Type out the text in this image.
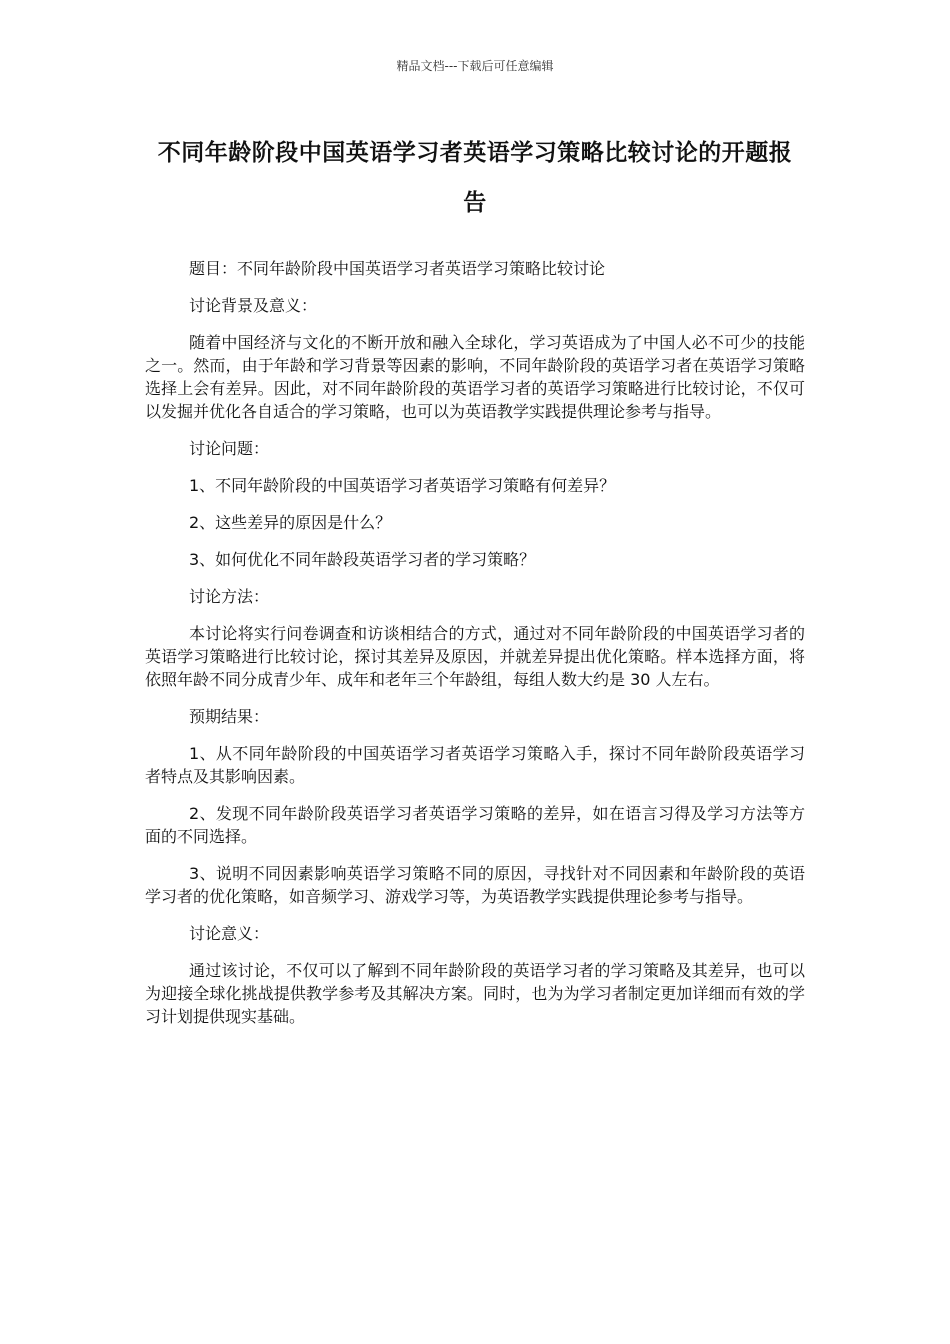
精品文档---下载后可任意编辑
不同年龄阶段中国英语学习者英语学习策略比较讨论的开题报告

题目：不同年龄阶段中国英语学习者英语学习策略比较讨论

讨论背景及意义：

随着中国经济与文化的不断开放和融入全球化，学习英语成为了中国人必不可少的技能之一。然而，由于年龄和学习背景等因素的影响，不同年龄阶段的英语学习者在英语学习策略选择上会有差异。因此，对不同年龄阶段的英语学习者的英语学习策略进行比较讨论，不仅可以发掘并优化各自适合的学习策略，也可以为英语教学实践提供理论参考与指导。

讨论问题：

1、不同年龄阶段的中国英语学习者英语学习策略有何差异？

2、这些差异的原因是什么？

3、如何优化不同年龄段英语学习者的学习策略？

讨论方法：

本讨论将实行问卷调查和访谈相结合的方式，通过对不同年龄阶段的中国英语学习者的英语学习策略进行比较讨论，探讨其差异及原因，并就差异提出优化策略。样本选择方面，将依照年龄不同分成青少年、成年和老年三个年龄组，每组人数大约是 30 人左右。

预期结果：

1、从不同年龄阶段的中国英语学习者英语学习策略入手，探讨不同年龄阶段英语学习者特点及其影响因素。

2、发现不同年龄阶段英语学习者英语学习策略的差异，如在语言习得及学习方法等方面的不同选择。

3、说明不同因素影响英语学习策略不同的原因，寻找针对不同因素和年龄阶段的英语学习者的优化策略，如音频学习、游戏学习等，为英语教学实践提供理论参考与指导。

讨论意义：

通过该讨论，不仅可以了解到不同年龄阶段的英语学习者的学习策略及其差异，也可以为迎接全球化挑战提供教学参考及其解决方案。同时，也为为学习者制定更加详细而有效的学习计划提供现实基础。
